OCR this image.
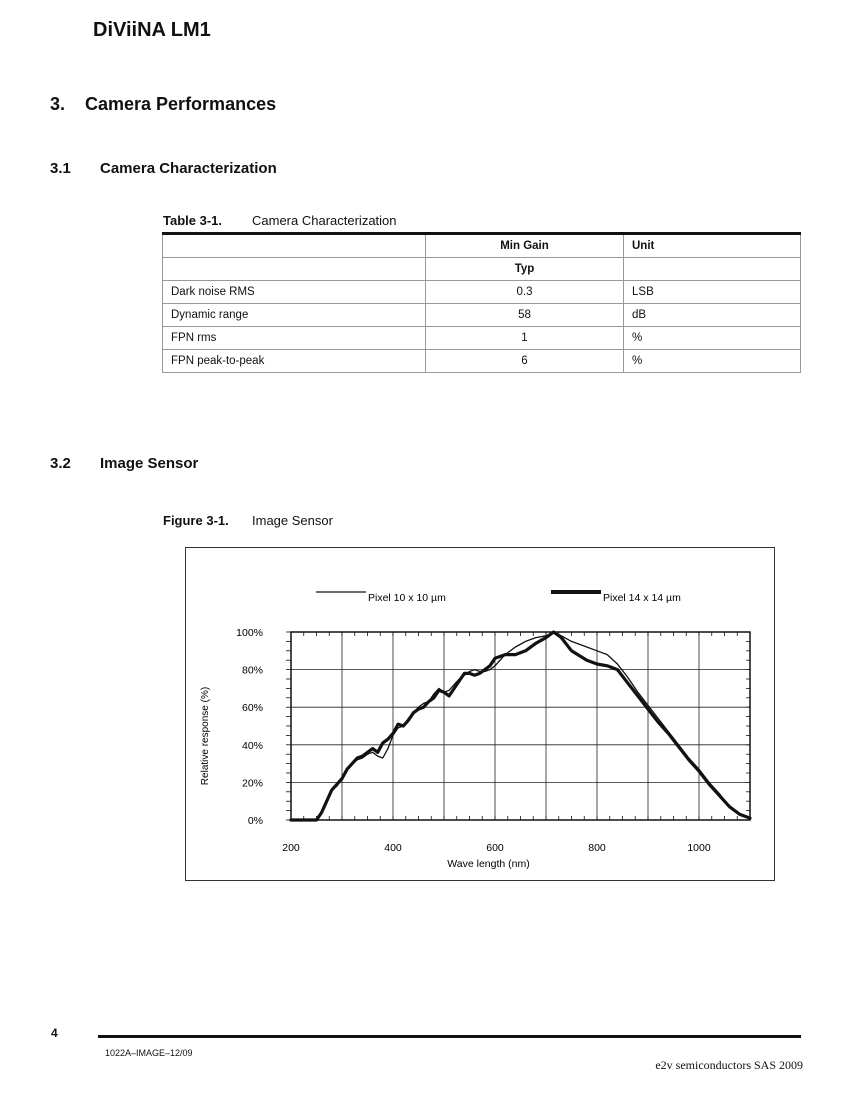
DiViiNA LM1
3. Camera Performances
3.1 Camera Characterization
Table 3-1. Camera Characterization
	Min Gain	Unit
	Typ	
Dark noise RMS	0.3	LSB
Dynamic range	58	dB
FPN rms	1	%
FPN peak-to-peak	6	%
3.2 Image Sensor
Figure 3-1. Image Sensor
200	400	600	800	1000
0%
20%
40%
60%
80%
100%
Pixel 10 x 10 µm	Pixel 14 x 14 µm
Wave length (nm)
Relative response (%)
4
1022A–IMAGE–12/09
e2v semiconductors SAS 2009
